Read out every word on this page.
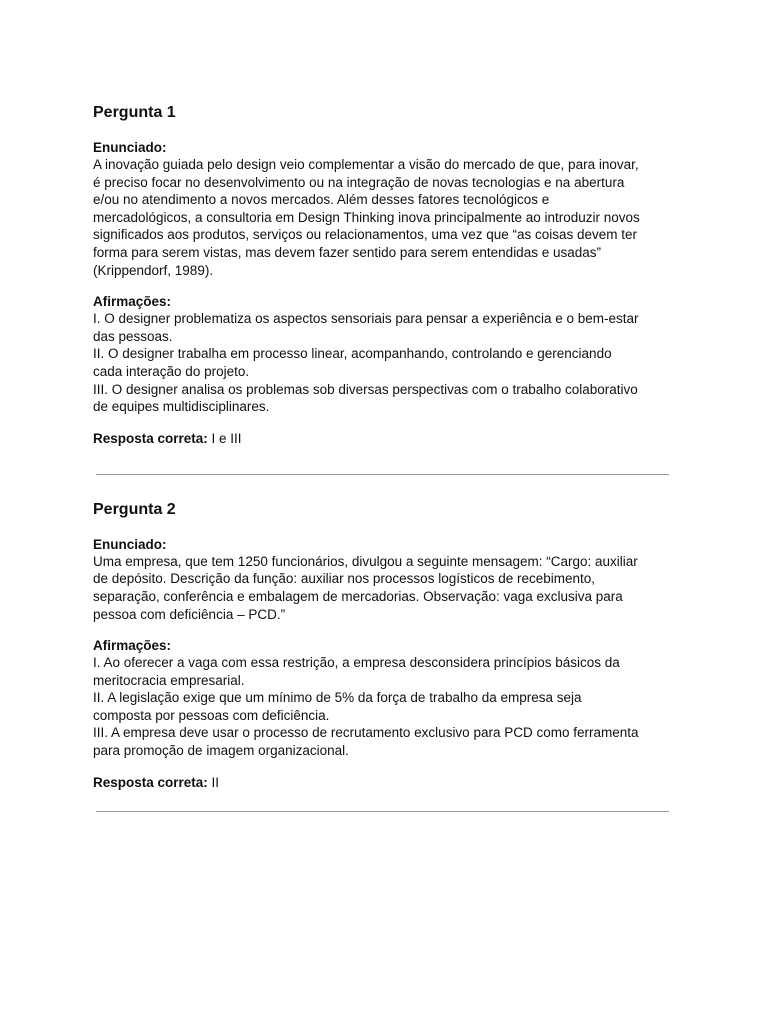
Pergunta 1
Enunciado:
A inovação guiada pelo design veio complementar a visão do mercado de que, para inovar,
é preciso focar no desenvolvimento ou na integração de novas tecnologias e na abertura
e/ou no atendimento a novos mercados. Além desses fatores tecnológicos e
mercadológicos, a consultoria em Design Thinking inova principalmente ao introduzir novos
significados aos produtos, serviços ou relacionamentos, uma vez que “as coisas devem ter
forma para serem vistas, mas devem fazer sentido para serem entendidas e usadas”
(Krippendorf, 1989).
Afirmações:
I. O designer problematiza os aspectos sensoriais para pensar a experiência e o bem-estar
das pessoas.
II. O designer trabalha em processo linear, acompanhando, controlando e gerenciando
cada interação do projeto.
III. O designer analisa os problemas sob diversas perspectivas com o trabalho colaborativo
de equipes multidisciplinares.
Resposta correta: I e III
Pergunta 2
Enunciado:
Uma empresa, que tem 1250 funcionários, divulgou a seguinte mensagem: “Cargo: auxiliar
de depósito. Descrição da função: auxiliar nos processos logísticos de recebimento,
separação, conferência e embalagem de mercadorias. Observação: vaga exclusiva para
pessoa com deficiência – PCD.”
Afirmações:
I. Ao oferecer a vaga com essa restrição, a empresa desconsidera princípios básicos da
meritocracia empresarial.
II. A legislação exige que um mínimo de 5% da força de trabalho da empresa seja
composta por pessoas com deficiência.
III. A empresa deve usar o processo de recrutamento exclusivo para PCD como ferramenta
para promoção de imagem organizacional.
Resposta correta: II
